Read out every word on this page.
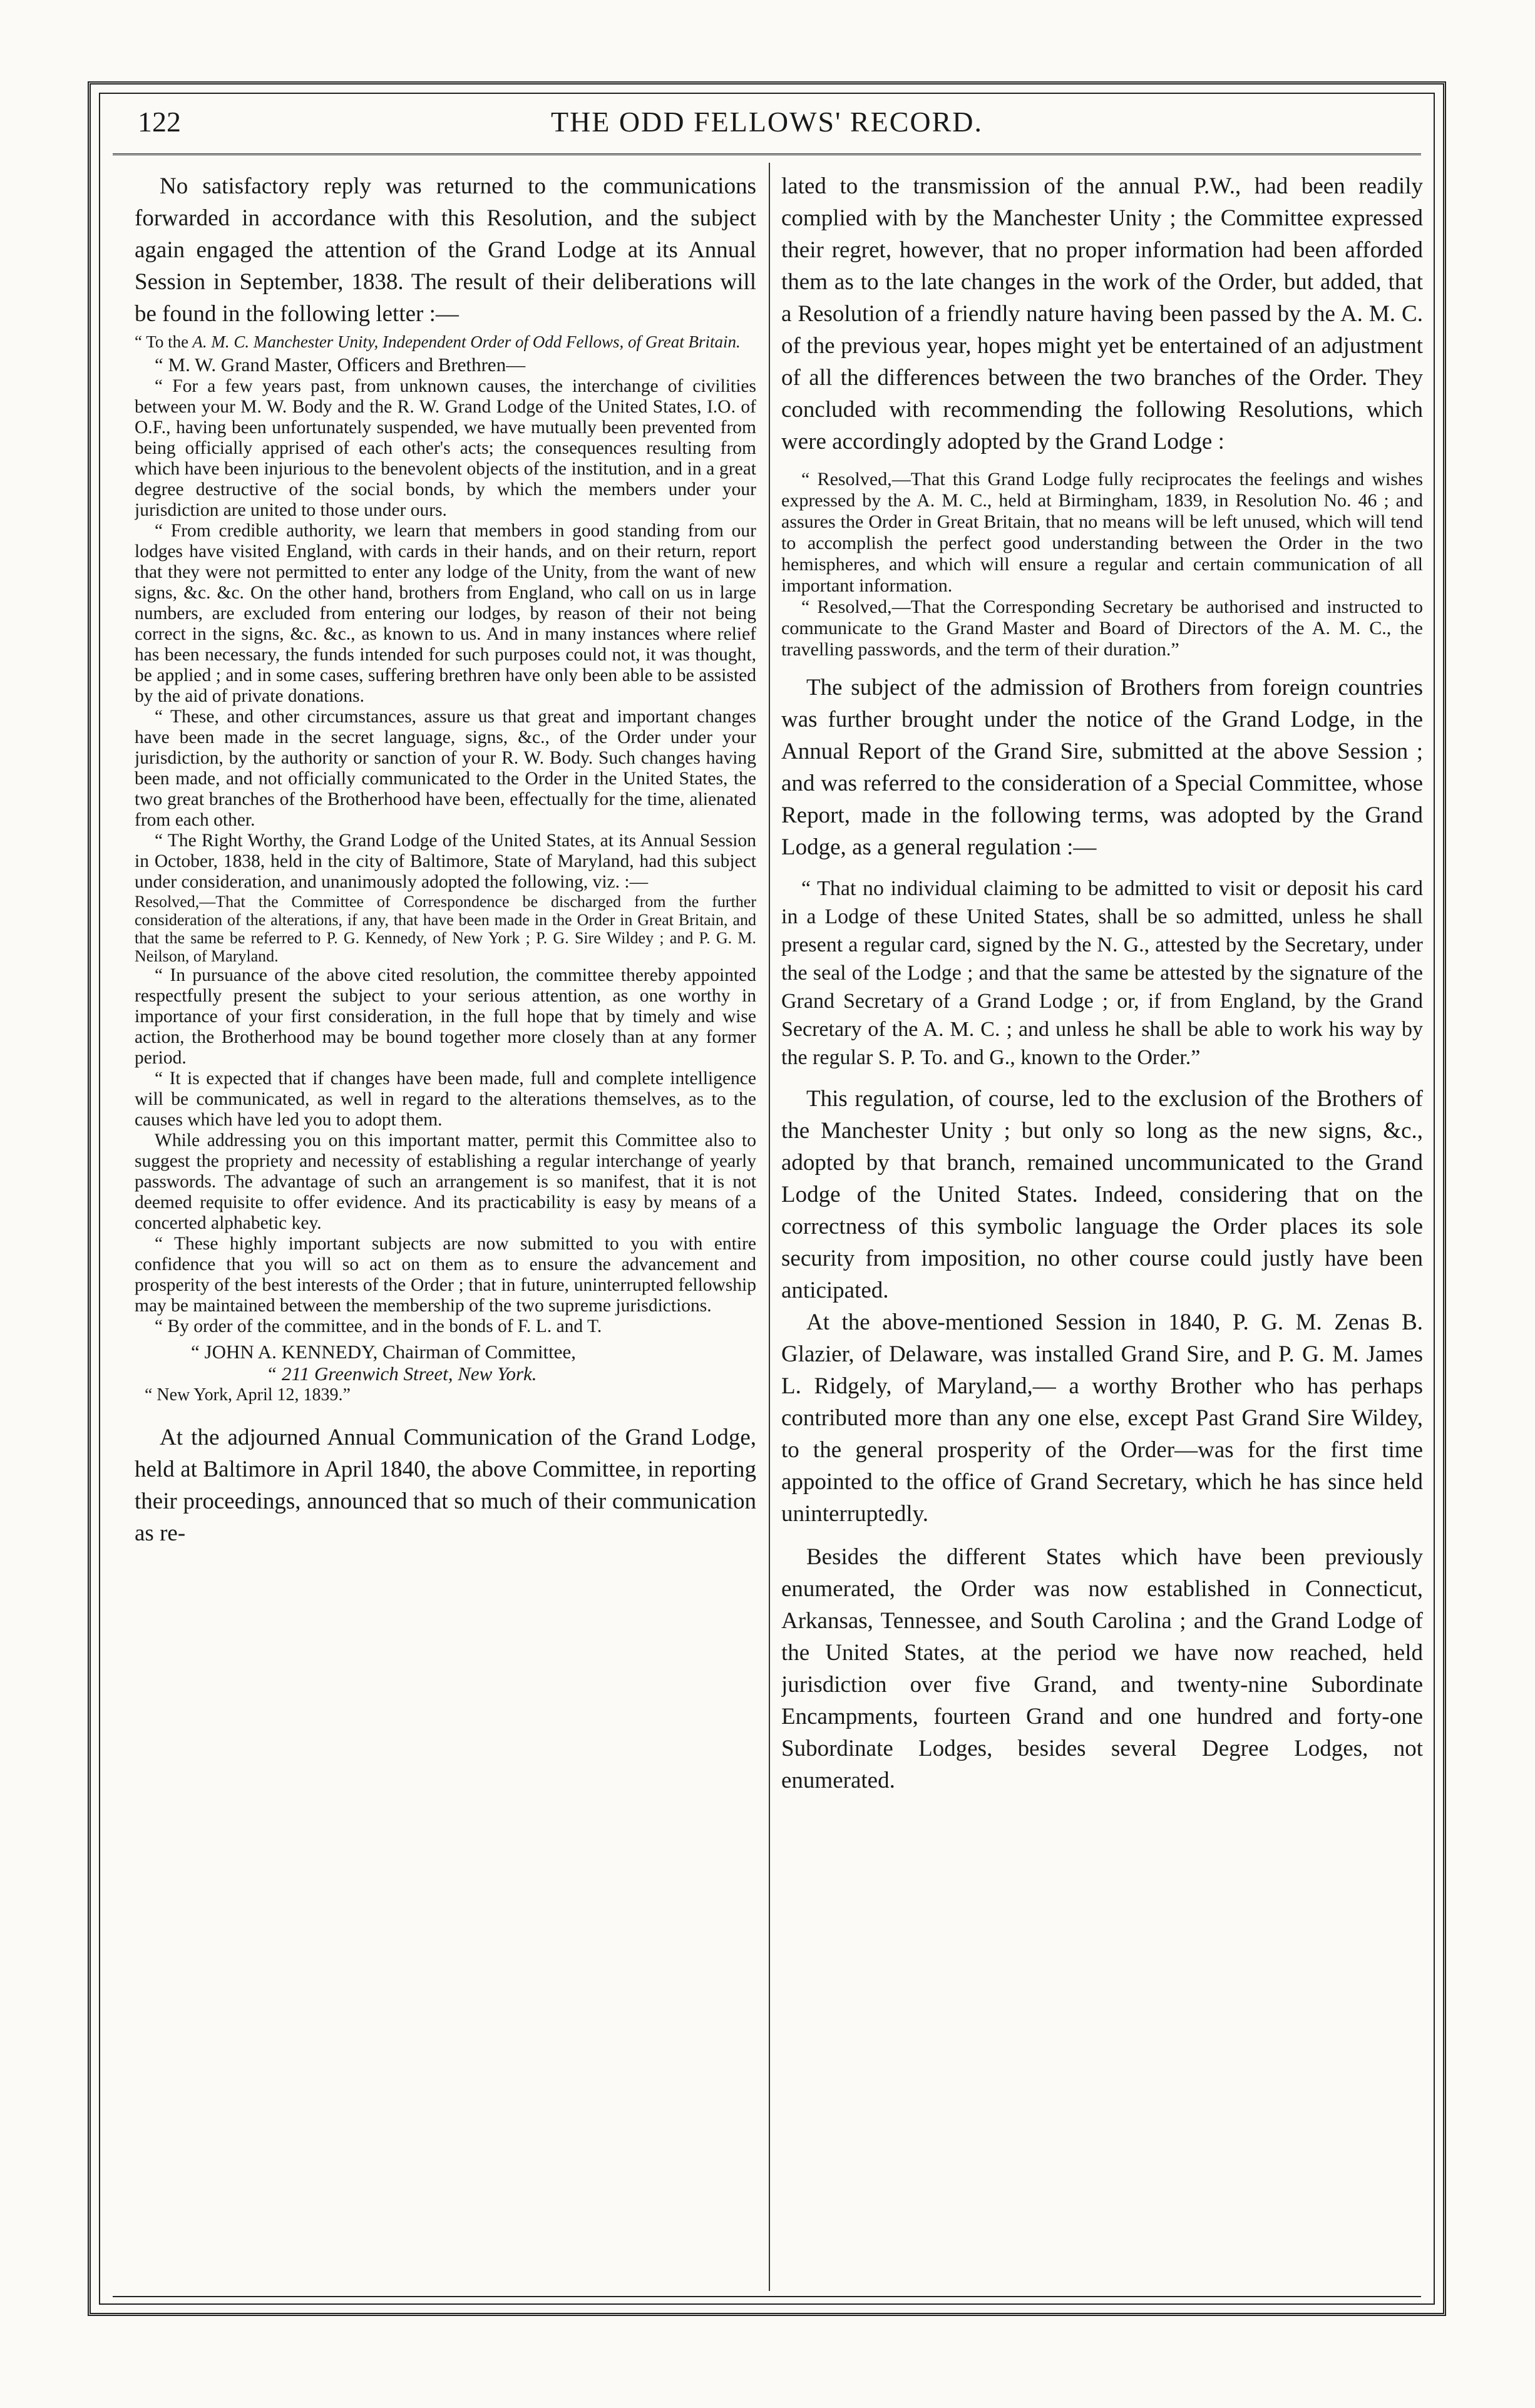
122	THE ODD FELLOWS' RECORD.

No satisfactory reply was returned to the communications forwarded in accordance with this Resolution, and the subject again engaged the attention of the Grand Lodge at its Annual Session in September, 1838. The result of their deliberations will be found in the following letter :—

“ To the A. M. C. Manchester Unity, Independent Order of Odd Fellows, of Great Britain.

“ M. W. Grand Master, Officers and Brethren—

“ For a few years past, from unknown causes, the interchange of civilities between your M. W. Body and the R. W. Grand Lodge of the United States, I.O. of O.F., having been unfortunately suspended, we have mutually been prevented from being officially apprised of each other's acts; the consequences resulting from which have been injurious to the benevolent objects of the institution, and in a great degree destructive of the social bonds, by which the members under your jurisdiction are united to those under ours.

“ From credible authority, we learn that members in good standing from our lodges have visited England, with cards in their hands, and on their return, report that they were not permitted to enter any lodge of the Unity, from the want of new signs, &c. &c. On the other hand, brothers from England, who call on us in large numbers, are excluded from entering our lodges, by reason of their not being correct in the signs, &c. &c., as known to us. And in many instances where relief has been necessary, the funds intended for such purposes could not, it was thought, be applied ; and in some cases, suffering brethren have only been able to be assisted by the aid of private donations.

“ These, and other circumstances, assure us that great and important changes have been made in the secret language, signs, &c., of the Order under your jurisdiction, by the authority or sanction of your R. W. Body. Such changes having been made, and not officially communicated to the Order in the United States, the two great branches of the Brotherhood have been, effectually for the time, alienated from each other.

“ The Right Worthy, the Grand Lodge of the United States, at its Annual Session in October, 1838, held in the city of Baltimore, State of Maryland, had this subject under consideration, and unanimously adopted the following, viz. :—

Resolved,—That the Committee of Correspondence be discharged from the further consideration of the alterations, if any, that have been made in the Order in Great Britain, and that the same be referred to P. G. Kennedy, of New York ; P. G. Sire Wildey ; and P. G. M. Neilson, of Maryland.

“ In pursuance of the above cited resolution, the committee thereby appointed respectfully present the subject to your serious attention, as one worthy in importance of your first consideration, in the full hope that by timely and wise action, the Brotherhood may be bound together more closely than at any former period.

“ It is expected that if changes have been made, full and complete intelligence will be communicated, as well in regard to the alterations themselves, as to the causes which have led you to adopt them.

While addressing you on this important matter, permit this Committee also to suggest the propriety and necessity of establishing a regular interchange of yearly passwords. The advantage of such an arrangement is so manifest, that it is not deemed requisite to offer evidence. And its practicability is easy by means of a concerted alphabetic key.

“ These highly important subjects are now submitted to you with entire confidence that you will so act on them as to ensure the advancement and prosperity of the best interests of the Order ; that in future, uninterrupted fellowship may be maintained between the membership of the two supreme jurisdictions.

“ By order of the committee, and in the bonds of F. L. and T.

“ JOHN A. KENNEDY, Chairman of Committee,

“ 211 Greenwich Street, New York.

“ New York, April 12, 1839.”

At the adjourned Annual Communication of the Grand Lodge, held at Baltimore in April 1840, the above Committee, in reporting their proceedings, announced that so much of their communication as re-

lated to the transmission of the annual P.W., had been readily complied with by the Manchester Unity ; the Committee expressed their regret, however, that no proper information had been afforded them as to the late changes in the work of the Order, but added, that a Resolution of a friendly nature having been passed by the A. M. C. of the previous year, hopes might yet be entertained of an adjustment of all the differences between the two branches of the Order. They concluded with recommending the following Resolutions, which were accordingly adopted by the Grand Lodge :

“ Resolved,—That this Grand Lodge fully reciprocates the feelings and wishes expressed by the A. M. C., held at Birmingham, 1839, in Resolution No. 46 ; and assures the Order in Great Britain, that no means will be left unused, which will tend to accomplish the perfect good understanding between the Order in the two hemispheres, and which will ensure a regular and certain communication of all important information.

“ Resolved,—That the Corresponding Secretary be authorised and instructed to communicate to the Grand Master and Board of Directors of the A. M. C., the travelling passwords, and the term of their duration.”

The subject of the admission of Brothers from foreign countries was further brought under the notice of the Grand Lodge, in the Annual Report of the Grand Sire, submitted at the above Session ; and was referred to the consideration of a Special Committee, whose Report, made in the following terms, was adopted by the Grand Lodge, as a general regulation :—

“ That no individual claiming to be admitted to visit or deposit his card in a Lodge of these United States, shall be so admitted, unless he shall present a regular card, signed by the N. G., attested by the Secretary, under the seal of the Lodge ; and that the same be attested by the signature of the Grand Secretary of a Grand Lodge ; or, if from England, by the Grand Secretary of the A. M. C. ; and unless he shall be able to work his way by the regular S. P. To. and G., known to the Order.”

This regulation, of course, led to the exclusion of the Brothers of the Manchester Unity ; but only so long as the new signs, &c., adopted by that branch, remained uncommunicated to the Grand Lodge of the United States. Indeed, considering that on the correctness of this symbolic language the Order places its sole security from imposition, no other course could justly have been anticipated.

At the above-mentioned Session in 1840, P. G. M. Zenas B. Glazier, of Delaware, was installed Grand Sire, and P. G. M. James L. Ridgely, of Maryland,— a worthy Brother who has perhaps contributed more than any one else, except Past Grand Sire Wildey, to the general prosperity of the Order—was for the first time appointed to the office of Grand Secretary, which he has since held uninterruptedly.

Besides the different States which have been previously enumerated, the Order was now established in Connecticut, Arkansas, Tennessee, and South Carolina ; and the Grand Lodge of the United States, at the period we have now reached, held jurisdiction over five Grand, and twenty-nine Subordinate Encampments, fourteen Grand and one hundred and forty-one Subordinate Lodges, besides several Degree Lodges, not enumerated.
